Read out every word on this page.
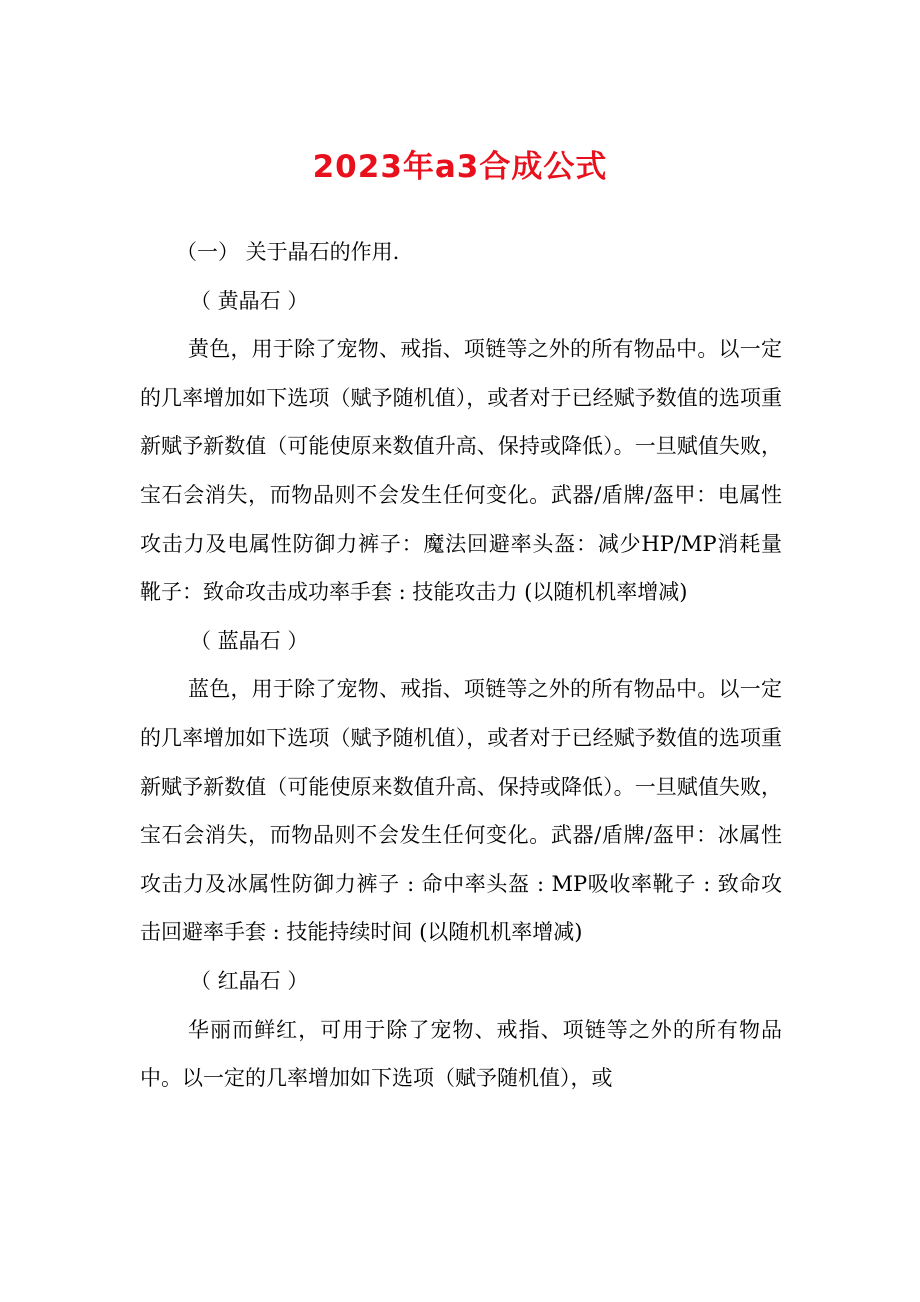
2023年a3合成公式

（一） 关于晶石的作用.

（ 黄晶石 ）

黄色，用于除了宠物、戒指、项链等之外的所有物品中。以一定的几率增加如下选项（赋予随机值），或者对于已经赋予数值的选项重新赋予新数值（可能使原来数值升高、保持或降低）。一旦赋值失败，宝石会消失，而物品则不会发生任何变化。武器/盾牌/盔甲：电属性攻击力及电属性防御力裤子：魔法回避率头盔：减少HP/MP消耗量靴子：致命攻击成功率手套 : 技能攻击力 (以随机机率增减)

（ 蓝晶石 ）

蓝色，用于除了宠物、戒指、项链等之外的所有物品中。以一定的几率增加如下选项（赋予随机值），或者对于已经赋予数值的选项重新赋予新数值（可能使原来数值升高、保持或降低）。一旦赋值失败，宝石会消失，而物品则不会发生任何变化。武器/盾牌/盔甲：冰属性攻击力及冰属性防御力裤子 : 命中率头盔 : MP吸收率靴子 : 致命攻击回避率手套 : 技能持续时间 (以随机机率增减)

（ 红晶石 ）

华丽而鲜红，可用于除了宠物、戒指、项链等之外的所有物品中。以一定的几率增加如下选项（赋予随机值），或
